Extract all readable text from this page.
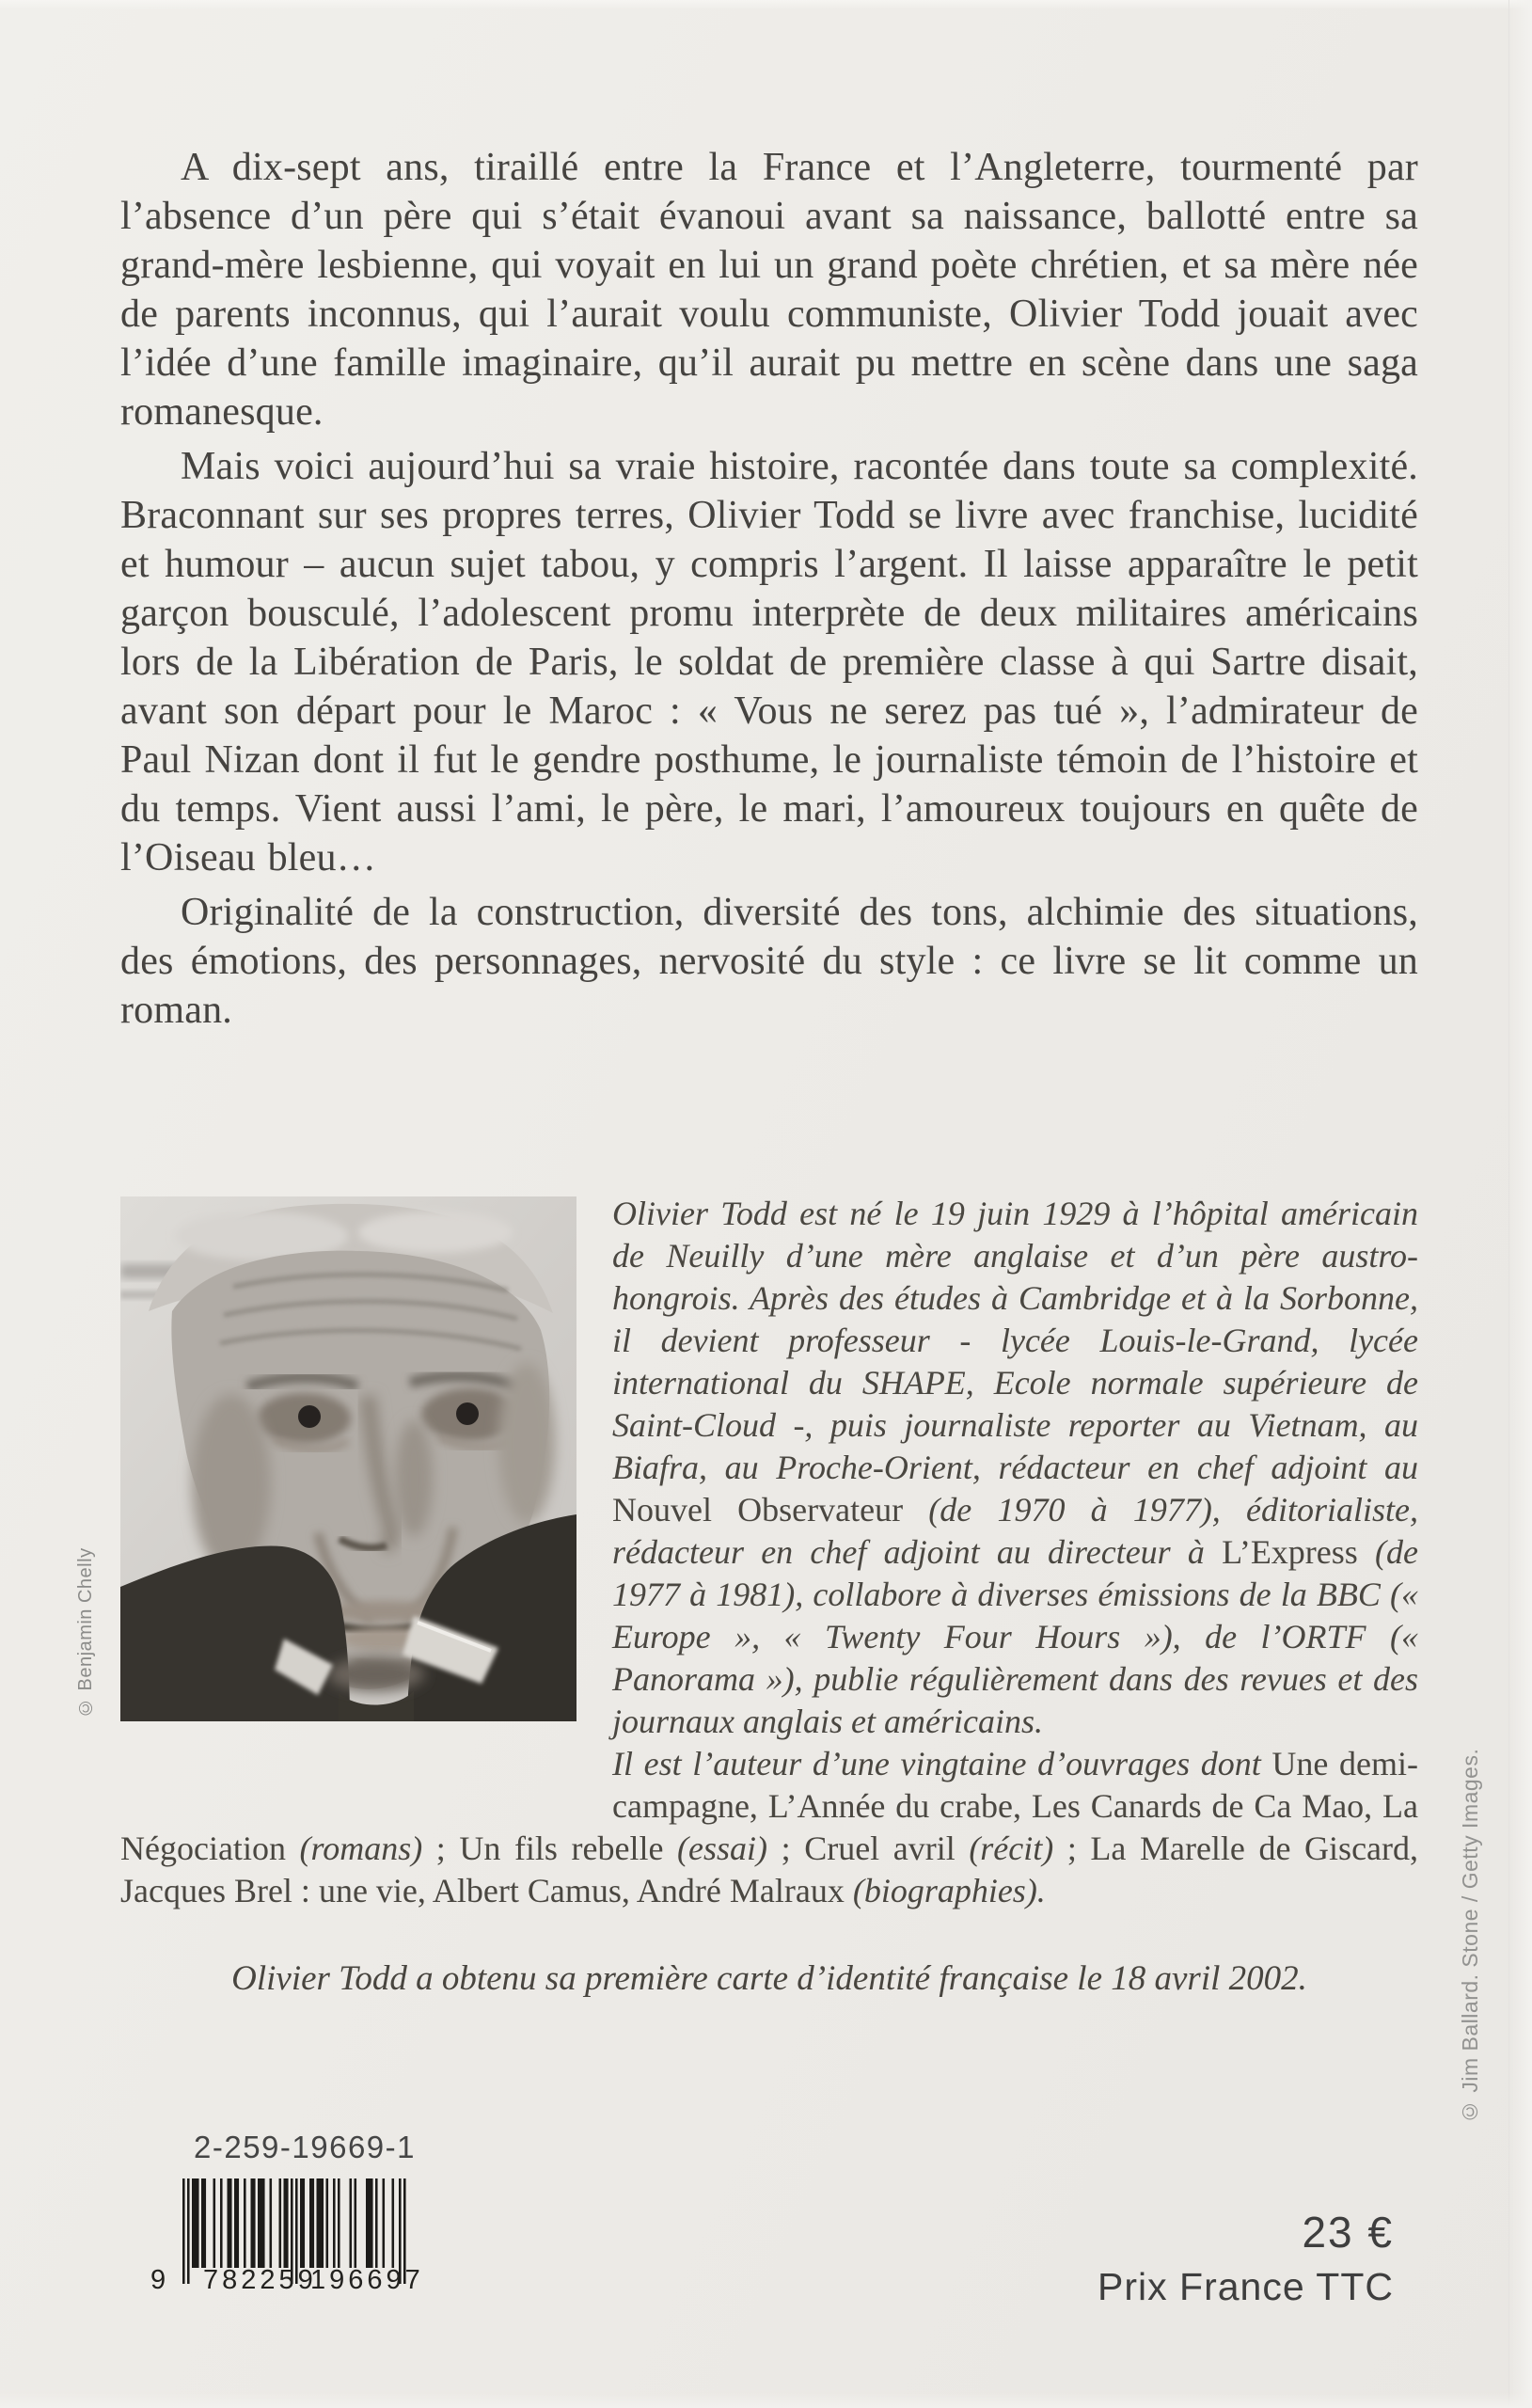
A dix-sept ans, tiraillé entre la France et l’Angleterre, tourmenté par l’absence d’un père qui s’était évanoui avant sa naissance, ballotté entre sa grand-mère lesbienne, qui voyait en lui un grand poète chrétien, et sa mère née de parents inconnus, qui l’aurait voulu communiste, Olivier Todd jouait avec l’idée d’une famille imaginaire, qu’il aurait pu mettre en scène dans une saga romanesque.

Mais voici aujourd’hui sa vraie histoire, racontée dans toute sa complexité. Braconnant sur ses propres terres, Olivier Todd se livre avec franchise, lucidité et humour – aucun sujet tabou, y compris l’argent. Il laisse apparaître le petit garçon bousculé, l’adolescent promu interprète de deux militaires américains lors de la Libération de Paris, le soldat de première classe à qui Sartre disait, avant son départ pour le Maroc : « Vous ne serez pas tué », l’admirateur de Paul Nizan dont il fut le gendre posthume, le journaliste témoin de l’histoire et du temps. Vient aussi l’ami, le père, le mari, l’amoureux toujours en quête de l’Oiseau bleu…

Originalité de la construction, diversité des tons, alchimie des situations, des émotions, des personnages, nervosité du style : ce livre se lit comme un roman.

Olivier Todd est né le 19 juin 1929 à l’hôpital américain de Neuilly d’une mère anglaise et d’un père austro-hongrois. Après des études à Cambridge et à la Sorbonne, il devient professeur - lycée Louis-le-Grand, lycée international du SHAPE, Ecole normale supérieure de Saint-Cloud -, puis journaliste reporter au Vietnam, au Biafra, au Proche-Orient, rédacteur en chef adjoint au Nouvel Observateur (de 1970 à 1977), éditorialiste, rédacteur en chef adjoint au directeur à L’Express (de 1977 à 1981), collabore à diverses émissions de la BBC (« Europe », « Twenty Four Hours »), de l’ORTF (« Panorama »), publie régulièrement dans des revues et des journaux anglais et américains.
Il est l’auteur d’une vingtaine d’ouvrages dont Une demi-campagne, L’Année du crabe, Les Canards de Ca Mao, La Négociation (romans) ; Un fils rebelle (essai) ; Cruel avril (récit) ; La Marelle de Giscard, Jacques Brel : une vie, Albert Camus, André Malraux (biographies).
© Benjamin Chelly
© Jim Ballard. Stone / Getty Images.
Olivier Todd a obtenu sa première carte d’identité française le 18 avril 2002.
2-259-19669-1
9 782259
196697
23 €
Prix France TTC
